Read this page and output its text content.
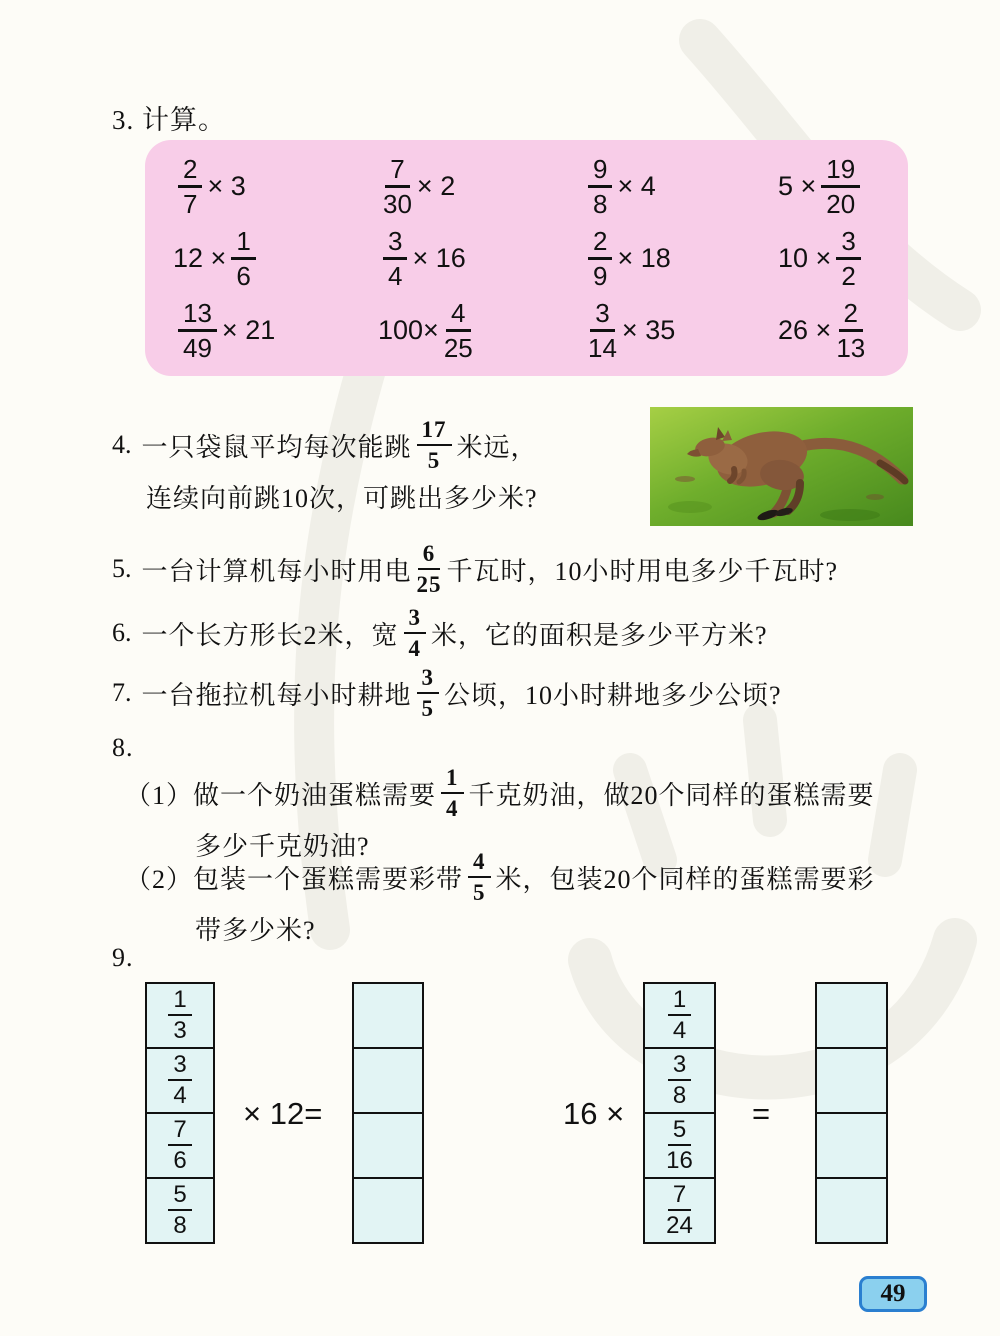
3. 计算。
$\frac{2}{7} \times 3$	$\frac{7}{30} \times 2$	$\frac{9}{8} \times 4$	$5 \times \frac{19}{20}$
$12 \times \frac{1}{6}$	$\frac{3}{4} \times 16$	$\frac{2}{9} \times 18$	$10 \times \frac{3}{2}$
$\frac{13}{49} \times 21$	$100\times \frac{4}{25}$	$\frac{3}{14} \times 35$	$26 \times \frac{2}{13}$
4. 一只袋鼠平均每次能跳 $\frac{17}{5}$ 米远，
连续向前跳10次，可跳出多少米?
5. 一台计算机每小时用电 $\frac{6}{25}$ 千瓦时，10小时用电多少千瓦时?
6. 一个长方形长2米，宽 $\frac{3}{4}$ 米，它的面积是多少平方米?
7. 一台拖拉机每小时耕地 $\frac{3}{5}$ 公顷，10小时耕地多少公顷?
8.
（1） 做一个奶油蛋糕需要 $\frac{1}{4}$ 千克奶油，做20个同样的蛋糕需要
多少千克奶油?
（2） 包装一个蛋糕需要彩带 $\frac{4}{5}$ 米，包装20个同样的蛋糕需要彩
带多少米?
9.
$\frac{1}{3}$
$\frac{3}{4}$
$\frac{7}{6}$
$\frac{5}{8}$
× 12=	16 ×
$\frac{1}{4}$
$\frac{3}{8}$
$\frac{5}{16}$
$\frac{7}{24}$
=
49
